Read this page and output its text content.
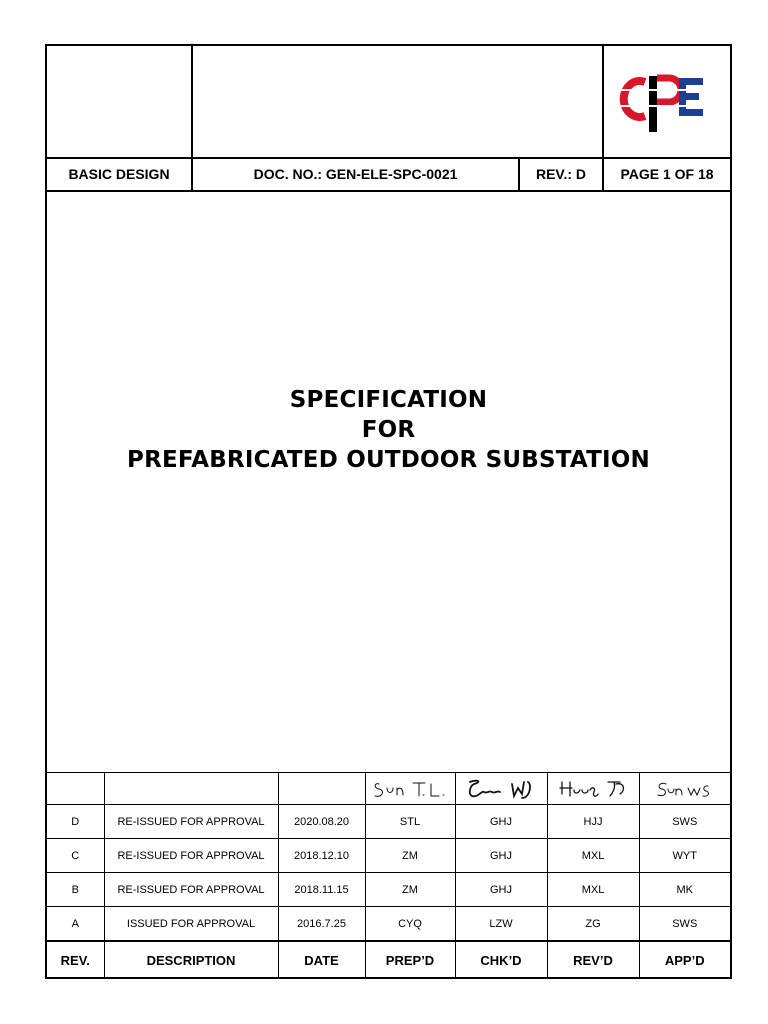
BASIC DESIGN	DOC. NO.: GEN-ELE-SPC-0021	REV.: D	PAGE 1 OF 18
SPECIFICATION
FOR
PREFABRICATED OUTDOOR SUBSTATION

D	RE-ISSUED FOR APPROVAL	2020.08.20	STL	GHJ	HJJ	SWS
C	RE-ISSUED FOR APPROVAL	2018.12.10	ZM	GHJ	MXL	WYT
B	RE-ISSUED FOR APPROVAL	2018.11.15	ZM	GHJ	MXL	MK
A	ISSUED FOR APPROVAL	2016.7.25	CYQ	LZW	ZG	SWS
REV.	DESCRIPTION	DATE	PREP’D	CHK’D	REV’D	APP’D
